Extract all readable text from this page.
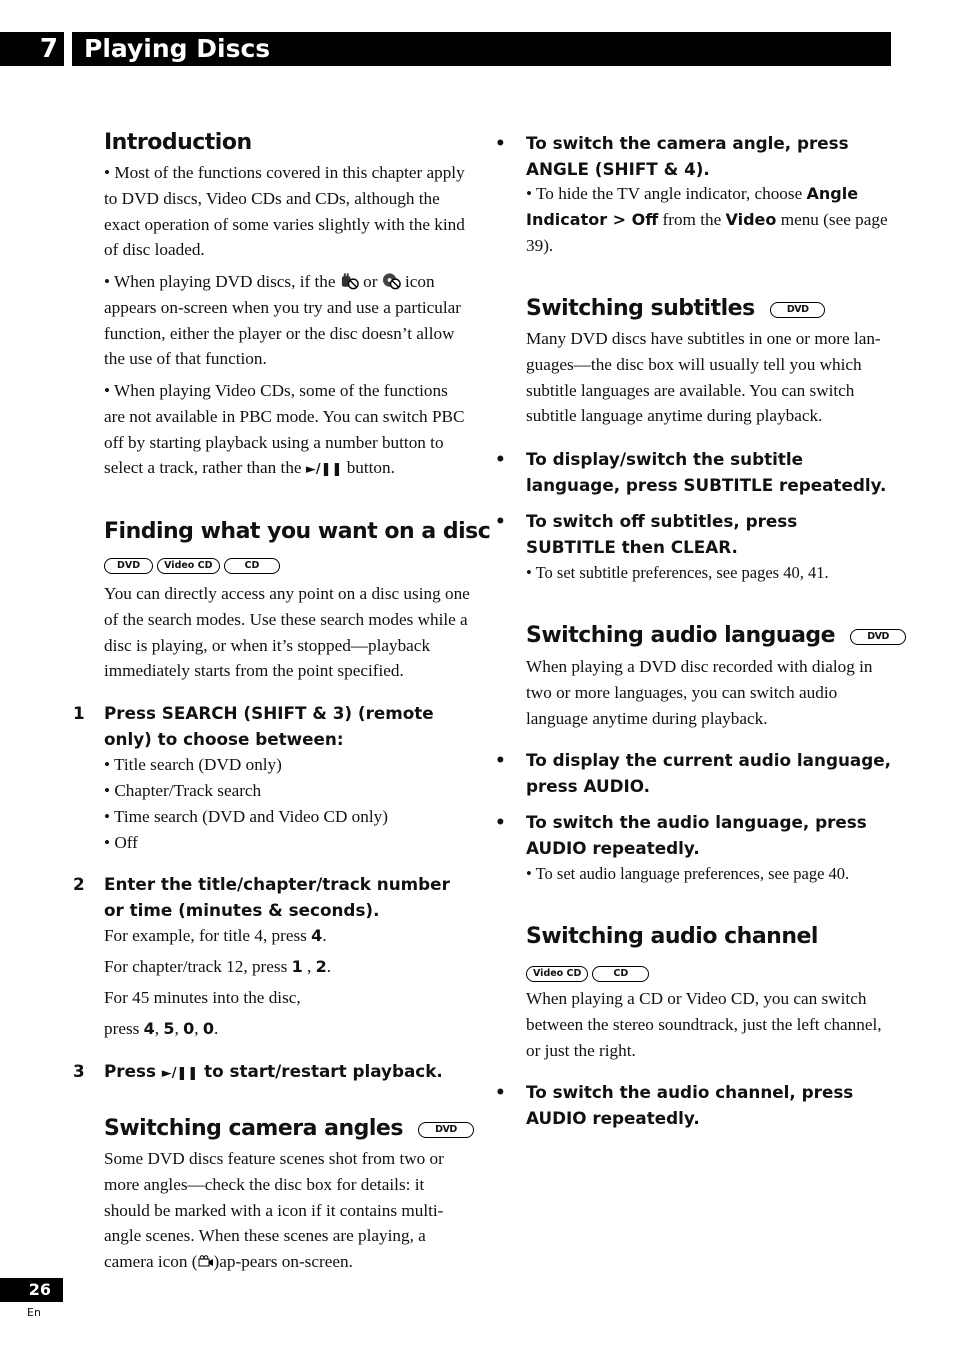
7	Playing Discs
Introduction

• Most of the functions covered in this chapter apply to DVD discs, Video CDs and CDs, although the exact operation of some varies slightly with the kind of disc loaded.

• When playing DVD discs, if the  or  icon appears on-screen when you try and use a particular function, either the player or the disc doesn’t allow the use of that function.

• When playing Video CDs, some of the functions are not available in PBC mode. You can switch PBC off by starting playback using a number button to select a track, rather than the ►/❚❚ button.

Finding what you want on a disc
DVD	Video CD	CD

You can directly access any point on a disc using one of the search modes. Use these search modes while a disc is playing, or when it’s stopped—playback immediately starts from the point specified.

1 Press SEARCH (SHIFT & 3) (remote only) to choose between:

• Title search (DVD only)

• Chapter/Track search

• Time search (DVD and Video CD only)

• Off

2 Enter the title/chapter/track number or time (minutes & seconds).

For example, for title 4, press 4.

For chapter/track 12, press 1 , 2.

For 45 minutes into the disc,

press 4, 5, 0, 0.

3 Press ►/❚❚ to start/restart playback.
Switching camera angles	DVD

Some DVD discs feature scenes shot from two or more angles—check the disc box for details: it should be marked with a icon if it contains multi-angle scenes. When these scenes are playing, a camera icon ( )ap-pears on-screen.

• To switch the camera angle, press ANGLE (SHIFT & 4).

• To hide the TV angle indicator, choose Angle Indicator > Off from the Video menu (see page 39).

Switching subtitles	DVD

Many DVD discs have subtitles in one or more lan-guages—the disc box will usually tell you which subtitle languages are available. You can switch subtitle language anytime during playback.

• To display/switch the subtitle language, press SUBTITLE repeatedly.
• To switch off subtitles, press SUBTITLE then CLEAR.

• To set subtitle preferences, see pages 40, 41.

Switching audio language	DVD

When playing a DVD disc recorded with dialog in two or more languages, you can switch audio language anytime during playback.

• To display the current audio language, press AUDIO.
• To switch the audio language, press AUDIO repeatedly.

• To set audio language preferences, see page 40.

Switching audio channel
Video CD	CD

When playing a CD or Video CD, you can switch between the stereo soundtrack, just the left channel, or just the right.

• To switch the audio channel, press AUDIO repeatedly.
26
En
